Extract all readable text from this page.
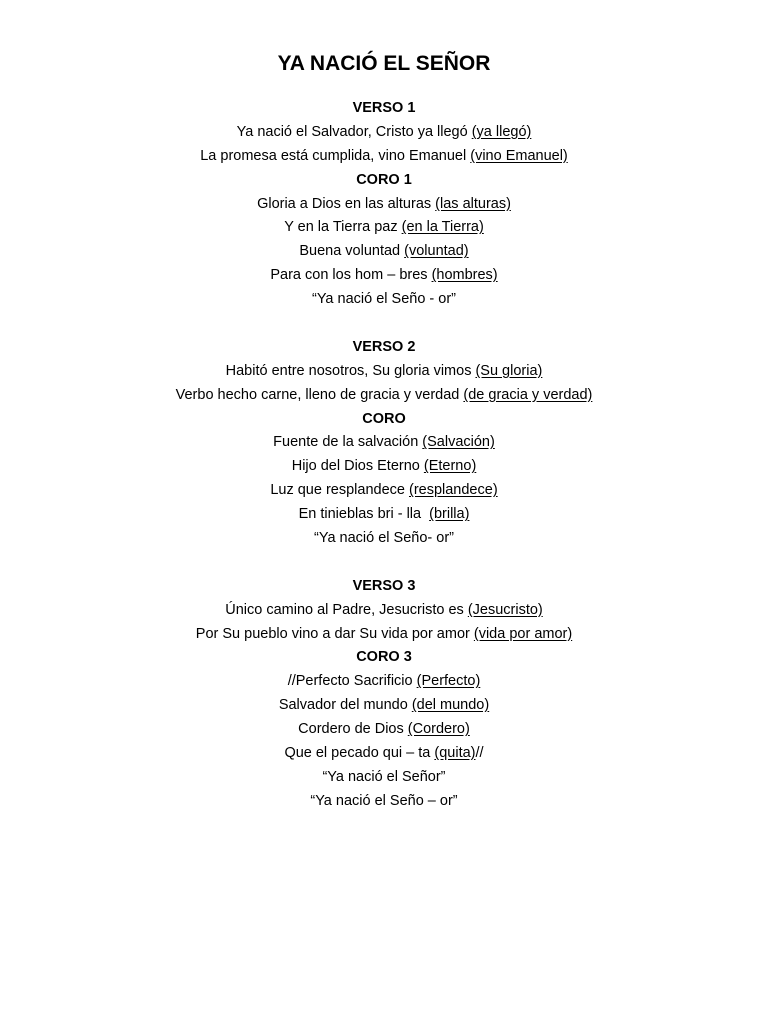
YA NACIÓ EL SEÑOR
VERSO 1
Ya nació el Salvador, Cristo ya llegó (ya llegó)
La promesa está cumplida, vino Emanuel (vino Emanuel)
CORO 1
Gloria a Dios en las alturas (las alturas)
Y en la Tierra paz (en la Tierra)
Buena voluntad (voluntad)
Para con los hom – bres (hombres)
“Ya nació el Seño - or”
VERSO 2
Habitó entre nosotros, Su gloria vimos (Su gloria)
Verbo hecho carne, lleno de gracia y verdad (de gracia y verdad)
CORO
Fuente de la salvación (Salvación)
Hijo del Dios Eterno (Eterno)
Luz que resplandece (resplandece)
En tinieblas bri - lla  (brilla)
“Ya nació el Seño- or”
VERSO 3
Único camino al Padre, Jesucristo es (Jesucristo)
Por Su pueblo vino a dar Su vida por amor (vida por amor)
CORO 3
//Perfecto Sacrificio (Perfecto)
Salvador del mundo (del mundo)
Cordero de Dios (Cordero)
Que el pecado qui – ta (quita)//
“Ya nació el Señor”
“Ya nació el Seño – or”
